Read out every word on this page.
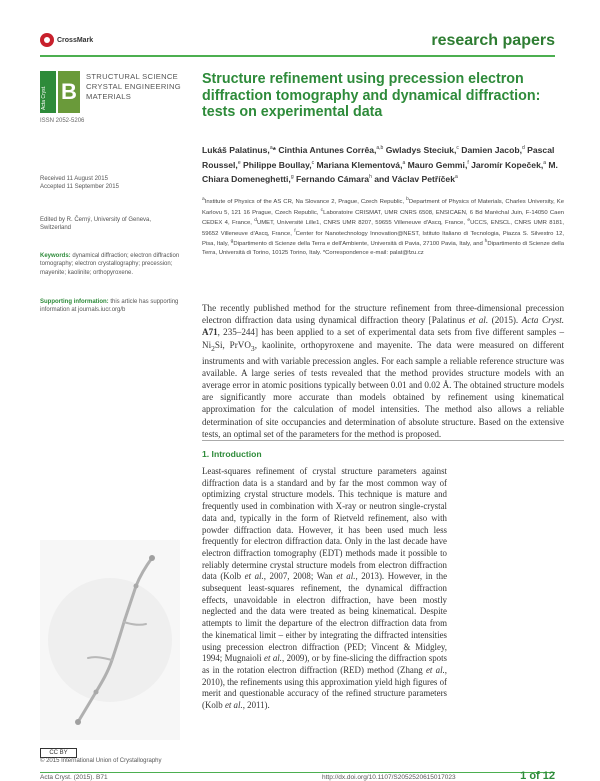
CrossMark	research papers
Acta Cryst. B
STRUCTURAL SCIENCE
CRYSTAL ENGINEERING
MATERIALS
ISSN 2052-5206
Structure refinement using precession electron diffraction tomography and dynamical diffraction: tests on experimental data
Lukáš Palatinus,$^a$* Cinthia Antunes Corrêa,$^{a,b}$ Gwladys Steciuk,$^c$ Damien Jacob,$^d$ Pascal Roussel,$^e$ Philippe Boullay,$^c$ Mariana Klementová,$^a$ Mauro Gemmi,$^f$ Jaromír Kopeček,$^a$ M. Chiara Domeneghetti,$^g$ Fernando Cámara$^h$ and Václav Petříček$^a$
$^a$Institute of Physics of the AS CR, Na Slovance 2, Prague, Czech Republic, $^b$Department of Physics of Materials, Charles University, Ke Karlovu 5, 121 16 Prague, Czech Republic, $^c$Laboratoire CRISMAT, UMR CNRS 6508, ENSICAEN, 6 Bd Maréchal Juin, F-14050 Caen CEDEX 4, France, $^d$UMET, Université Lille1, CNRS UMR 8207, 59655 Villeneuve d'Ascq, France, $^e$UCCS, ENSCL, CNRS UMR 8181, 59652 Villeneuve d'Ascq, France, $^f$Center for Nanotechnology Innovation@NEST, Istituto Italiano di Tecnologia, Piazza S. Silvestro 12, Pisa, Italy, $^g$Dipartimento di Scienze della Terra e dell'Ambiente, Università di Pavia, 27100 Pavia, Italy, and $^h$Dipartimento di Scienze della Terra, Università di Torino, 10125 Torino, Italy. *Correspondence e-mail: palat@fzu.cz
Received 11 August 2015
Accepted 11 September 2015
Edited by R. Černý, University of Geneva, Switzerland
Keywords: dynamical diffraction; electron diffraction tomography; electron crystallography; precession; mayenite; kaolinite; orthopyroxene.
Supporting information: this article has supporting information at journals.iucr.org/b
CC BY
© 2015 International Union of Crystallography
The recently published method for the structure refinement from three-dimensional precession electron diffraction data using dynamical diffraction theory [Palatinus et al. (2015). Acta Cryst. A71, 235–244] has been applied to a set of experimental data sets from five different samples – $Ni_2Si$, PrVO$_3$, kaolinite, orthopyroxene and mayenite. The data were measured on different instruments and with variable precession angles. For each sample a reliable reference structure was available. A large series of tests revealed that the method provides structure models with an average error in atomic positions typically between 0.01 and 0.02 Å. The obtained structure models are significantly more accurate than models obtained by refinement using kinematical approximation for the calculation of model intensities. The method also allows a reliable determination of site occupancies and determination of absolute structure. Based on the extensive tests, an optimal set of the parameters for the method is proposed.
1. Introduction
Least-squares refinement of crystal structure parameters against diffraction data is a standard and by far the most common way of optimizing crystal structure models. This technique is mature and frequently used in combination with X-ray or neutron single-crystal data and, typically in the form of Rietveld refinement, also with powder diffraction data. However, it has been used much less frequently for electron diffraction data. Only in the last decade have electron diffraction tomography (EDT) methods made it possible to reliably determine crystal structure models from electron diffraction data (Kolb et al., 2007, 2008; Wan et al., 2013). However, in the subsequent least-squares refinement, the dynamical diffraction effects, unavoidable in electron diffraction, have been mostly neglected and the data were treated as being kinematical. Despite attempts to limit the departure of the electron diffraction data from the kinematical limit – either by integrating the diffracted intensities using precession electron diffraction (PED; Vincent & Midgley, 1994; Mugnaioli et al., 2009), or by fine-slicing the diffraction spots as in the rotation electron diffraction (RED) method (Zhang et al., 2010), the refinements using this approximation yield high figures of merit and questionable accuracy of the refined structure parameters (Kolb et al., 2011).
Acta Cryst. (2015). B71	http://dx.doi.org/10.1107/S2052520615017023	1 of 12
